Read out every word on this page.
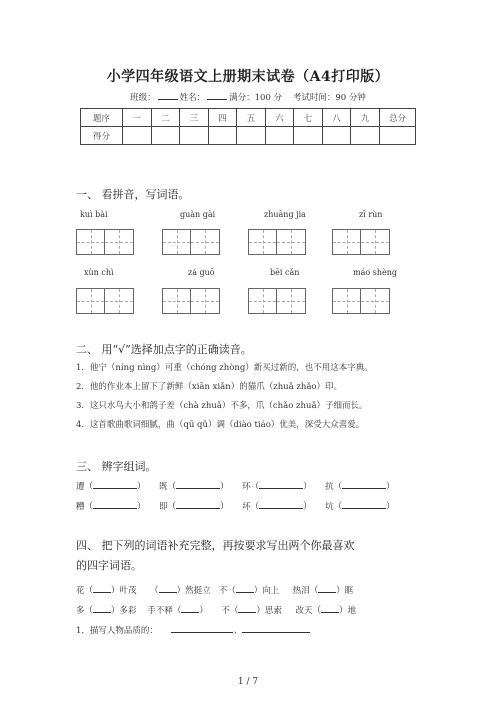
小学四年级语文上册期末试卷（A4打印版）
班级：	姓名：	满分：100 分 考试时间：90 分钟
题序	一	二	三	四	五	六	七	八	九	总分
得分										
一、 看拼音，写词语。
kuì bài	guàn gài	zhuāng jia	zī rùn
xùn chì	zá guō	bēi cǎn	máo shèng
二、 用“√”选择加点字的正确读音。
1．他宁（níng nìng）可重（chóng zhòng）新买过新的，也不用这本字典。
2．他的作业本上留下了新鲜（xiān xiǎn）的猫爪（zhuǎ zhǎo）印。
3．这只水鸟大小和鸽子差（chà zhuǎ）不多，爪（chǎo zhuǎ）子细而长。
4．这首歌曲歌词细腻，曲（qū qǔ）调（diào tiáo）优美，深受大众喜爱。
三、 辨字组词。
遭（	） 既（	） 环（	） 抗（	）
糟（	） 即（	） 坏（	） 坑（	）
四、 把下列的词语补充完整，再按要求写出两个你最喜欢
的四字词语。
花（ ）叶茂 （ ）然挺立 不（ ）向上 热泪（ ）眶
多（ ）多彩 手不释（ ） 不（ ）思索 改天（ ）地
1．描写人物品质的：	、
1 / 7
